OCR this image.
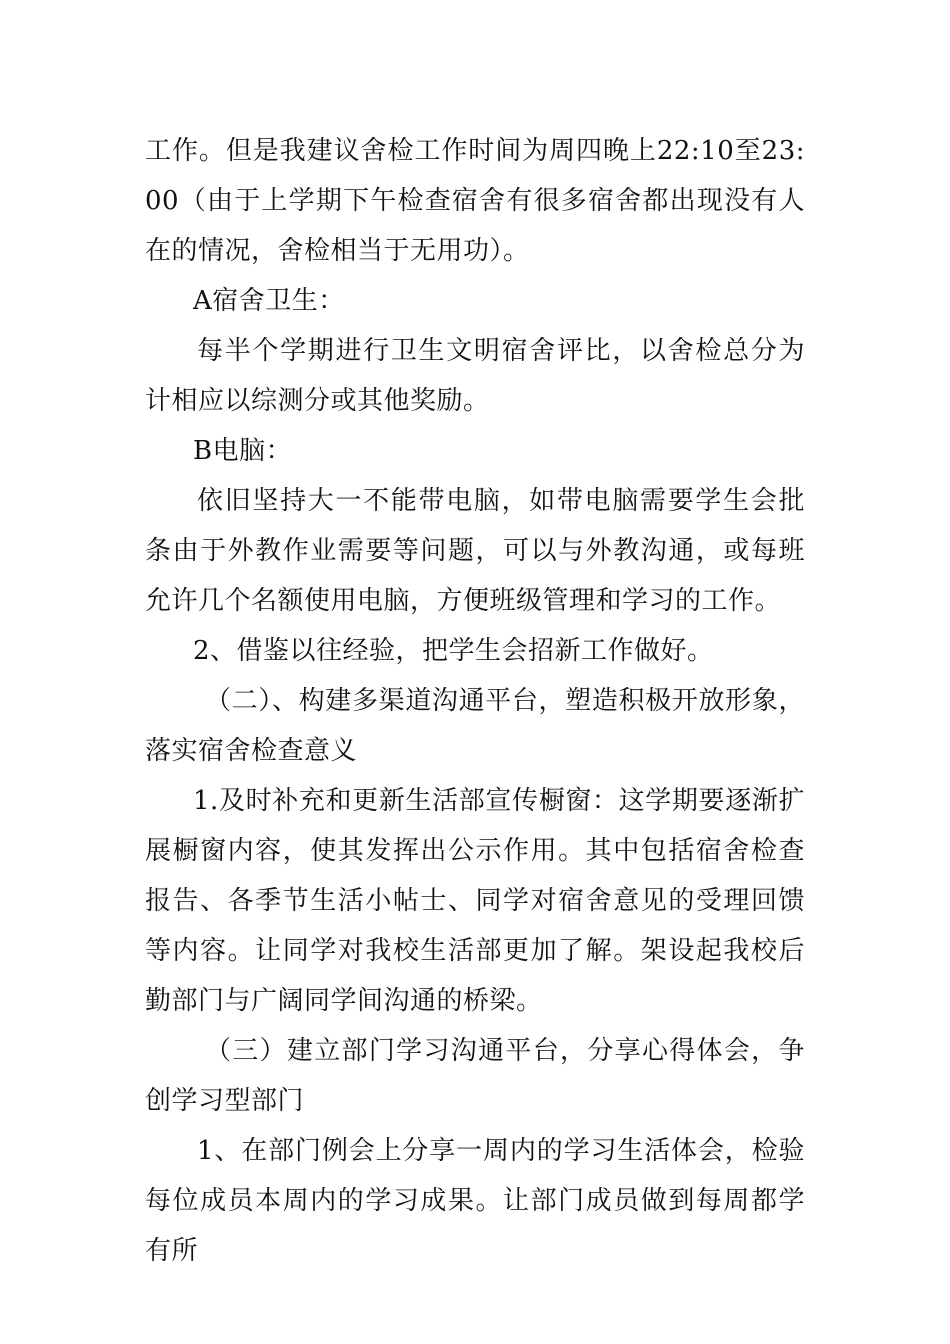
工作。但是我建议舍检工作时间为周四晚上22:10至23:00（由于上学期下午检查宿舍有很多宿舍都出现没有人在的情况，舍检相当于无用功）。

A宿舍卫生：

每半个学期进行卫生文明宿舍评比，以舍检总分为计相应以综测分或其他奖励。

B电脑：

依旧坚持大一不能带电脑，如带电脑需要学生会批条由于外教作业需要等问题，可以与外教沟通，或每班允许几个名额使用电脑，方便班级管理和学习的工作。

2、借鉴以往经验，把学生会招新工作做好。

（二）、构建多渠道沟通平台，塑造积极开放形象，落实宿舍检查意义

1.及时补充和更新生活部宣传橱窗：这学期要逐渐扩展橱窗内容，使其发挥出公示作用。其中包括宿舍检查报告、各季节生活小帖士、同学对宿舍意见的受理回馈等内容。让同学对我校生活部更加了解。架设起我校后勤部门与广阔同学间沟通的桥梁。

（三）建立部门学习沟通平台，分享心得体会，争创学习型部门

1、在部门例会上分享一周内的学习生活体会，检验每位成员本周内的学习成果。让部门成员做到每周都学有所
